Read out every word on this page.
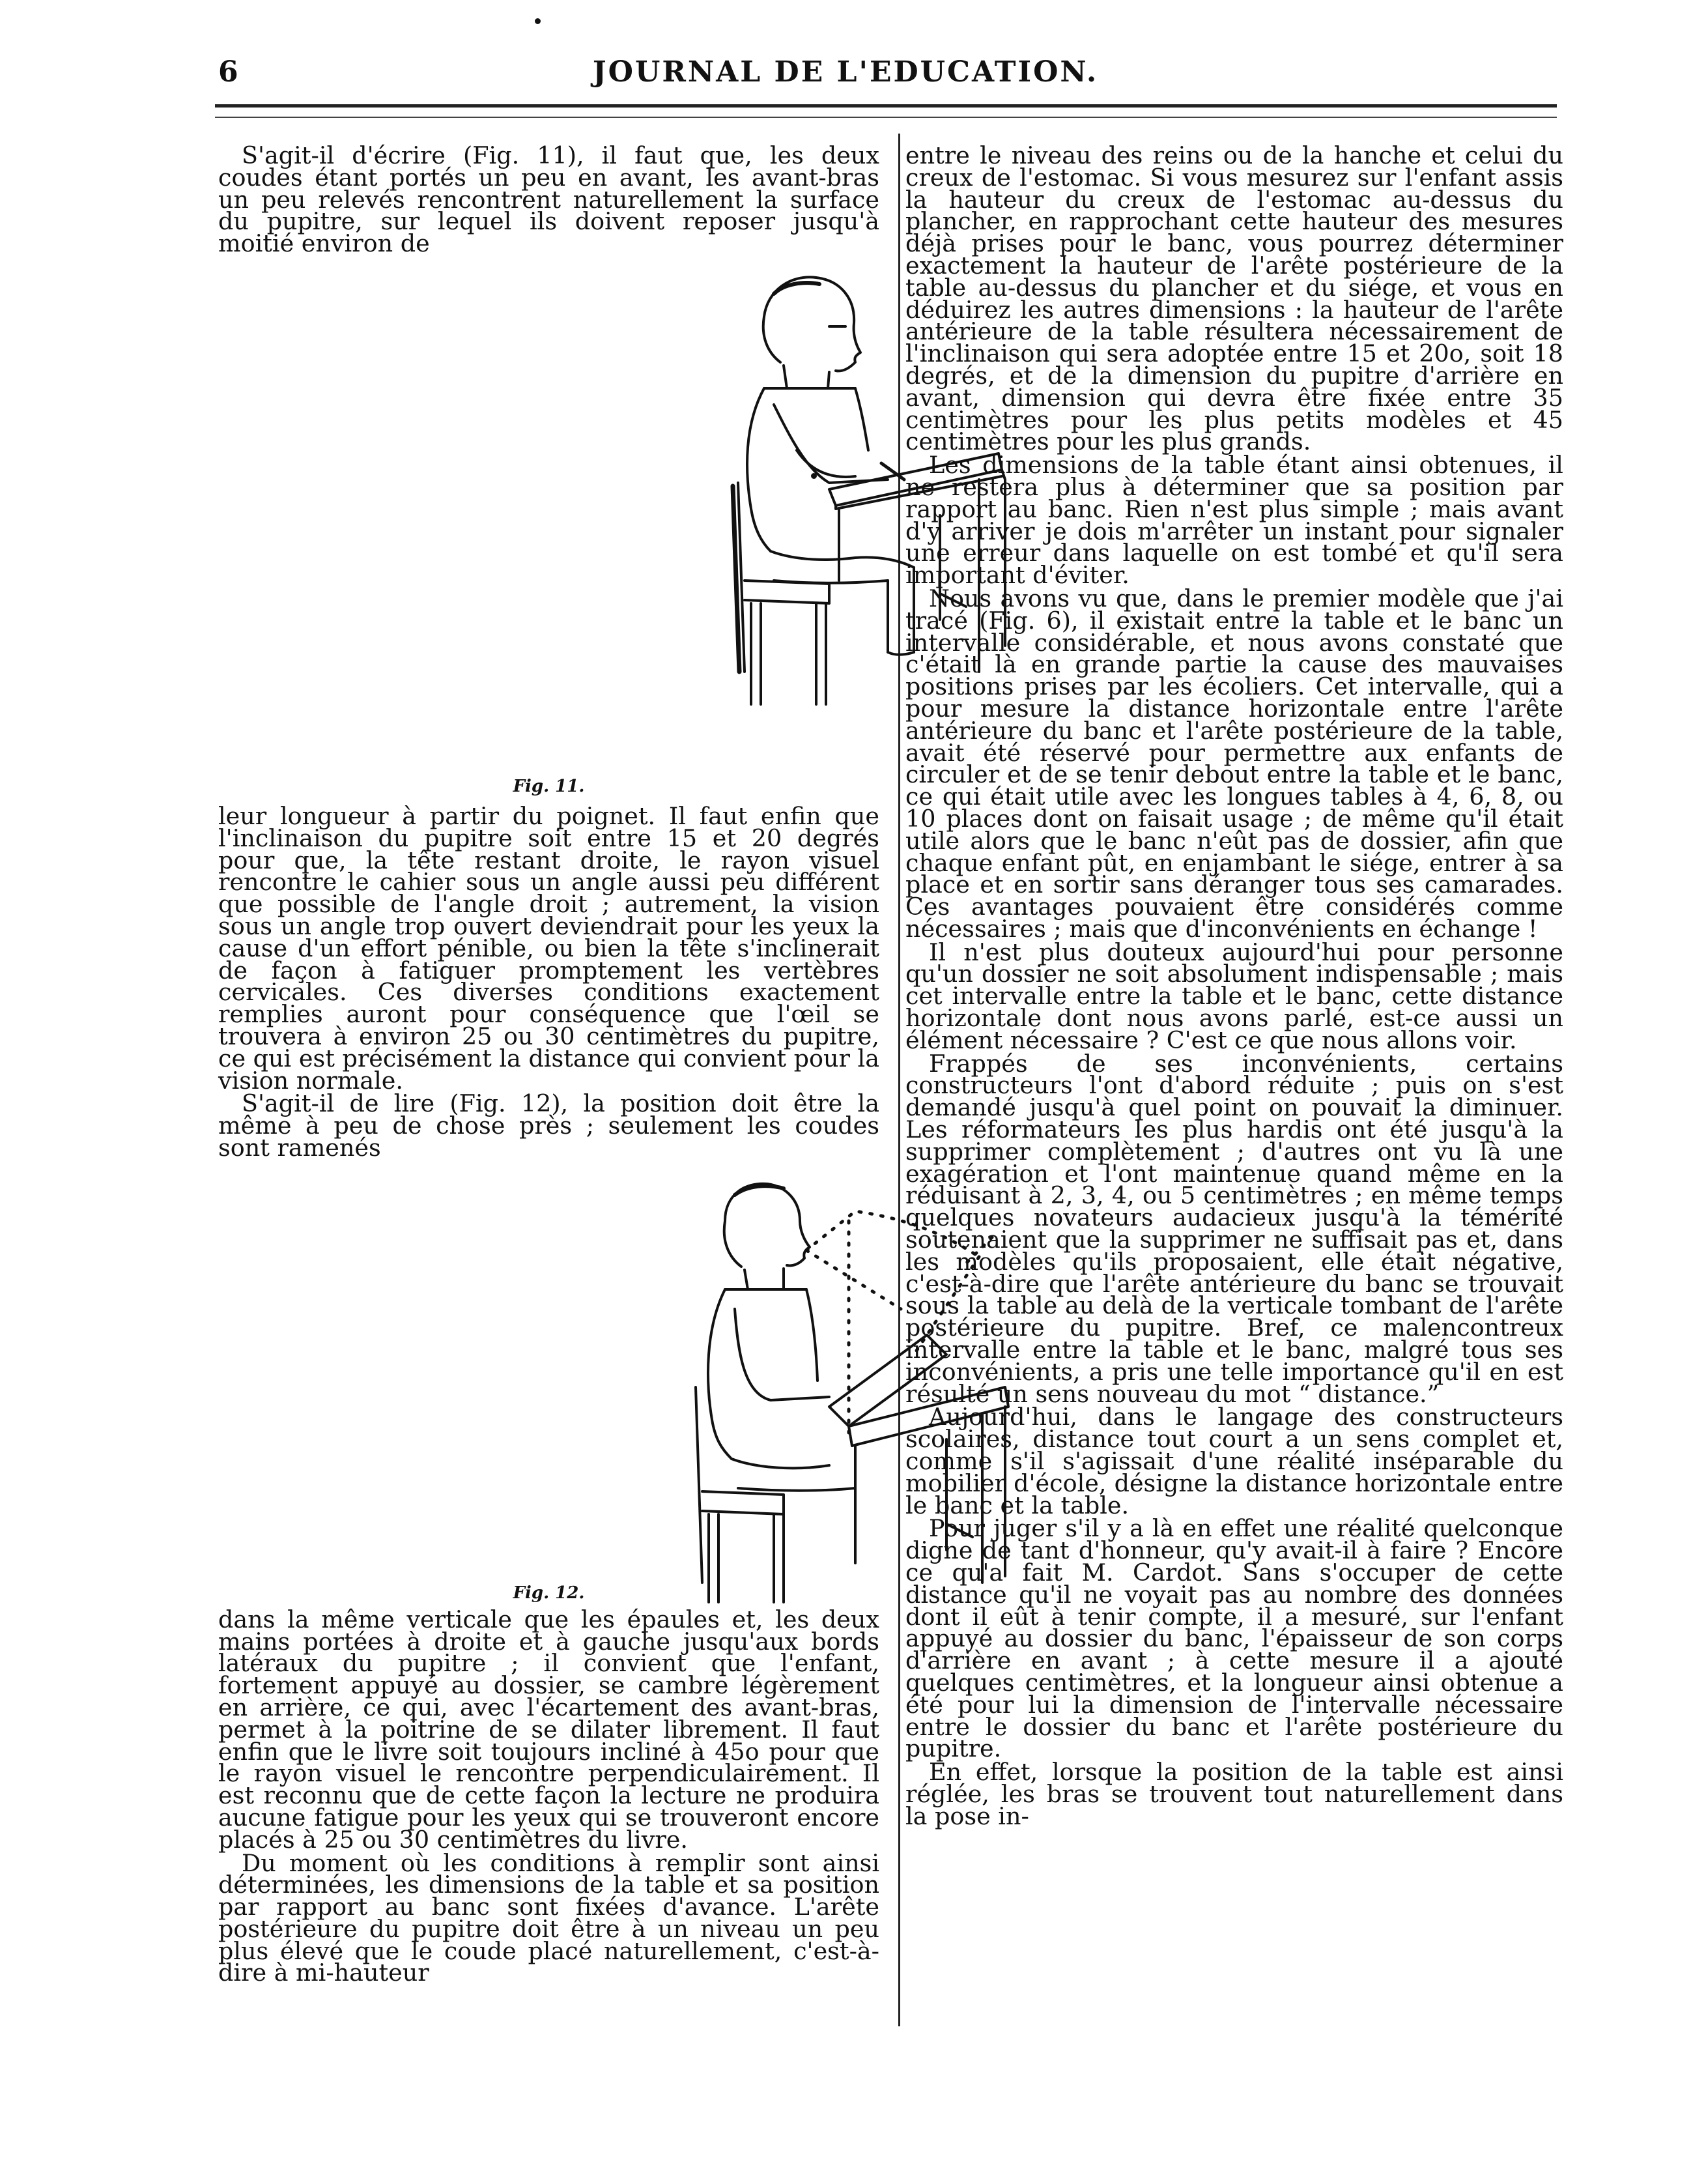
6	JOURNAL DE L'EDUCATION.

S'agit-il d'écrire (Fig. 11), il faut que, les deux coudes étant portés un peu en avant, les avant-bras un peu relevés rencontrent naturellement la surface du pupitre, sur lequel ils doivent reposer jusqu'à moitié environ de

Fig. 11.

leur longueur à partir du poignet. Il faut enfin que l'inclinaison du pupitre soit entre 15 et 20 degrés pour que, la tête restant droite, le rayon visuel rencontre le cahier sous un angle aussi peu différent que possible de l'angle droit ; autrement, la vision sous un angle trop ouvert deviendrait pour les yeux la cause d'un effort pénible, ou bien la tête s'inclinerait de façon à fatiguer promptement les vertèbres cervicales. Ces diverses conditions exactement remplies auront pour conséquence que l'œil se trouvera à environ 25 ou 30 centimètres du pupitre, ce qui est précisément la distance qui convient pour la vision normale.

S'agit-il de lire (Fig. 12), la position doit être la même à peu de chose près ; seulement les coudes sont ramenés

Fig. 12.

dans la même verticale que les épaules et, les deux mains portées à droite et à gauche jusqu'aux bords latéraux du pupitre ; il convient que l'enfant, fortement appuyé au dossier, se cambre légèrement en arrière, ce qui, avec l'écartement des avant-bras, permet à la poitrine de se dilater librement. Il faut enfin que le livre soit toujours incliné à 45o pour que le rayon visuel le rencontre perpendiculairement. Il est reconnu que de cette façon la lecture ne produira aucune fatigue pour les yeux qui se trouveront encore placés à 25 ou 30 centimètres du livre.

Du moment où les conditions à remplir sont ainsi déterminées, les dimensions de la table et sa position par rapport au banc sont fixées d'avance. L'arête postérieure du pupitre doit être à un niveau un peu plus élevé que le coude placé naturellement, c'est-à-dire à mi-hauteur

entre le niveau des reins ou de la hanche et celui du creux de l'estomac. Si vous mesurez sur l'enfant assis la hauteur du creux de l'estomac au-dessus du plancher, en rapprochant cette hauteur des mesures déjà prises pour le banc, vous pourrez déterminer exactement la hauteur de l'arête postérieure de la table au-dessus du plancher et du siége, et vous en déduirez les autres dimensions : la hauteur de l'arête antérieure de la table résultera nécessairement de l'inclinaison qui sera adoptée entre 15 et 20o, soit 18 degrés, et de la dimension du pupitre d'arrière en avant, dimension qui devra être fixée entre 35 centimètres pour les plus petits modèles et 45 centimètres pour les plus grands.

Les dimensions de la table étant ainsi obtenues, il ne restera plus à déterminer que sa position par rapport au banc. Rien n'est plus simple ; mais avant d'y arriver je dois m'arrêter un instant pour signaler une erreur dans laquelle on est tombé et qu'il sera important d'éviter.

Nous avons vu que, dans le premier modèle que j'ai tracé (Fig. 6), il existait entre la table et le banc un intervalle considérable, et nous avons constaté que c'était là en grande partie la cause des mauvaises positions prises par les écoliers. Cet intervalle, qui a pour mesure la distance horizontale entre l'arête antérieure du banc et l'arête postérieure de la table, avait été réservé pour permettre aux enfants de circuler et de se tenir debout entre la table et le banc, ce qui était utile avec les longues tables à 4, 6, 8, ou 10 places dont on faisait usage ; de même qu'il était utile alors que le banc n'eût pas de dossier, afin que chaque enfant pût, en enjambant le siége, entrer à sa place et en sortir sans déranger tous ses camarades. Ces avantages pouvaient être considérés comme nécessaires ; mais que d'inconvénients en échange !

Il n'est plus douteux aujourd'hui pour personne qu'un dossier ne soit absolument indispensable ; mais cet intervalle entre la table et le banc, cette distance horizontale dont nous avons parlé, est-ce aussi un élément nécessaire ? C'est ce que nous allons voir.

Frappés de ses inconvénients, certains constructeurs l'ont d'abord réduite ; puis on s'est demandé jusqu'à quel point on pouvait la diminuer. Les réformateurs les plus hardis ont été jusqu'à la supprimer complètement ; d'autres ont vu là une exagération et l'ont maintenue quand même en la réduisant à 2, 3, 4, ou 5 centimètres ; en même temps quelques novateurs audacieux jusqu'à la témérité soutenaient que la supprimer ne suffisait pas et, dans les modèles qu'ils proposaient, elle était négative, c'est-à-dire que l'arête antérieure du banc se trouvait sous la table au delà de la verticale tombant de l'arête postérieure du pupitre. Bref, ce malencontreux intervalle entre la table et le banc, malgré tous ses inconvénients, a pris une telle importance qu'il en est résulté un sens nouveau du mot “ distance.”

Aujourd'hui, dans le langage des constructeurs scolaires, distance tout court a un sens complet et, comme s'il s'agissait d'une réalité inséparable du mobilier d'école, désigne la distance horizontale entre le banc et la table.

Pour juger s'il y a là en effet une réalité quelconque digne de tant d'honneur, qu'y avait-il à faire ? Encore ce qu'a fait M. Cardot. Sans s'occuper de cette distance qu'il ne voyait pas au nombre des données dont il eût à tenir compte, il a mesuré, sur l'enfant appuyé au dossier du banc, l'épaisseur de son corps d'arrière en avant ; à cette mesure il a ajouté quelques centimètres, et la longueur ainsi obtenue a été pour lui la dimension de l'intervalle nécessaire entre le dossier du banc et l'arête postérieure du pupitre.

En effet, lorsque la position de la table est ainsi réglée, les bras se trouvent tout naturellement dans la pose in-
